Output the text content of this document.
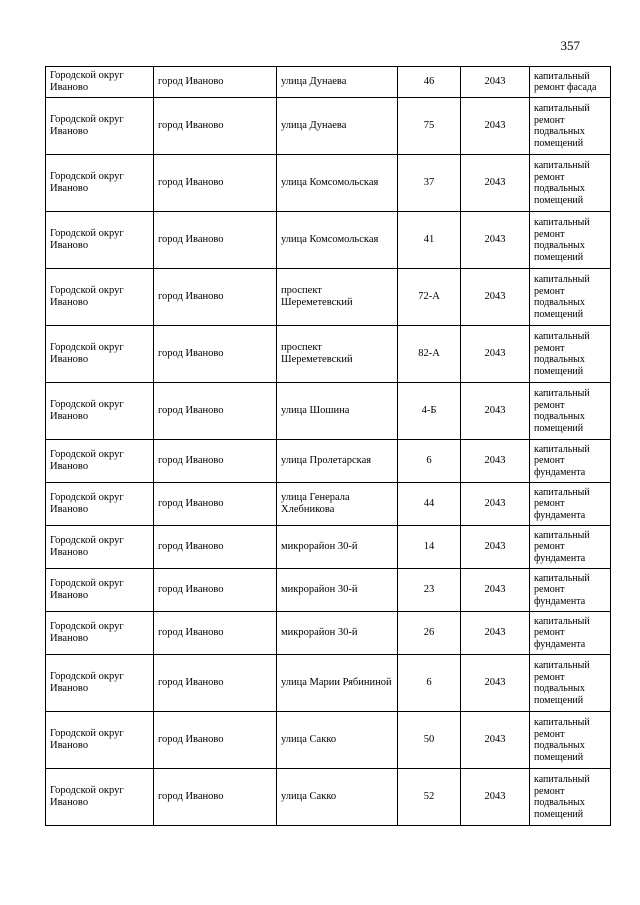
357
Городской округ Иваново	город Иваново	улица Дунаева	46	2043	капитальный ремонт фасада
Городской округ Иваново	город Иваново	улица Дунаева	75	2043	капитальный ремонт подвальных помещений
Городской округ Иваново	город Иваново	улица Комсомольская	37	2043	капитальный ремонт подвальных помещений
Городской округ Иваново	город Иваново	улица Комсомольская	41	2043	капитальный ремонт подвальных помещений
Городской округ Иваново	город Иваново	проспект Шереметевский	72-А	2043	капитальный ремонт подвальных помещений
Городской округ Иваново	город Иваново	проспект Шереметевский	82-А	2043	капитальный ремонт подвальных помещений
Городской округ Иваново	город Иваново	улица Шошина	4-Б	2043	капитальный ремонт подвальных помещений
Городской округ Иваново	город Иваново	улица Пролетарская	6	2043	капитальный ремонт фундамента
Городской округ Иваново	город Иваново	улица Генерала Хлебникова	44	2043	капитальный ремонт фундамента
Городской округ Иваново	город Иваново	микрорайон 30-й	14	2043	капитальный ремонт фундамента
Городской округ Иваново	город Иваново	микрорайон 30-й	23	2043	капитальный ремонт фундамента
Городской округ Иваново	город Иваново	микрорайон 30-й	26	2043	капитальный ремонт фундамента
Городской округ Иваново	город Иваново	улица Марии Рябининой	6	2043	капитальный ремонт подвальных помещений
Городской округ Иваново	город Иваново	улица Сакко	50	2043	капитальный ремонт подвальных помещений
Городской округ Иваново	город Иваново	улица Сакко	52	2043	капитальный ремонт подвальных помещений
